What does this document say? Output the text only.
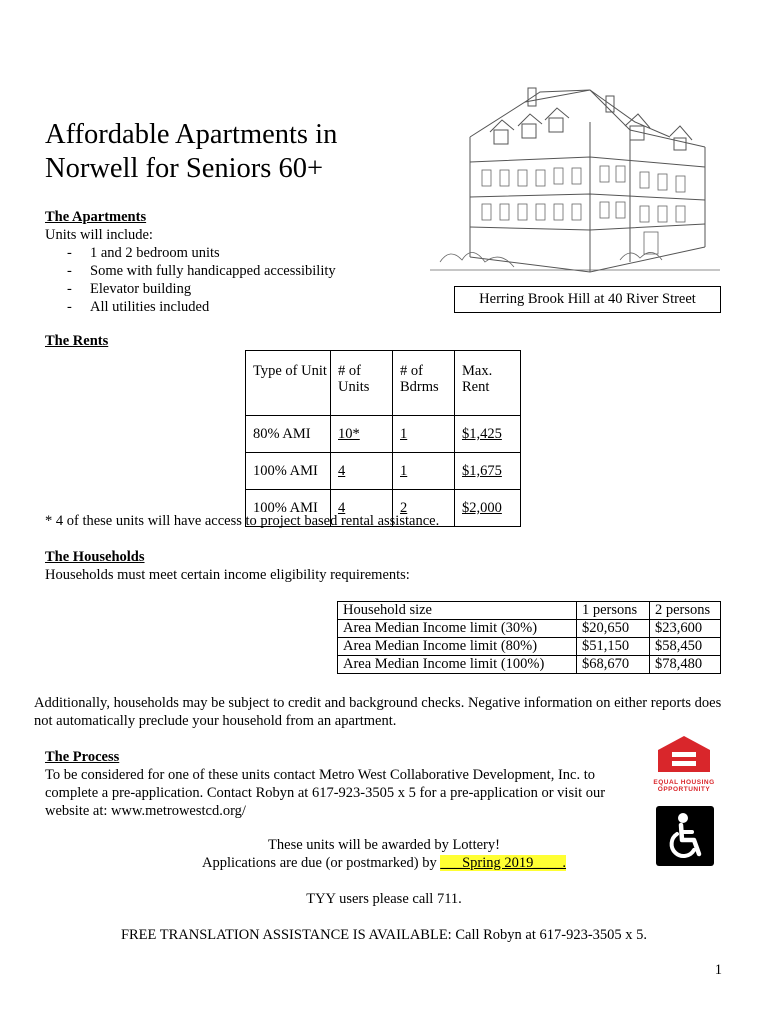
Affordable Apartments in Norwell for Seniors 60+
Herring Brook Hill at 40 River Street
The Apartments
Units will include:
- 1 and 2 bedroom units
- Some with fully handicapped accessibility
- Elevator building
- All utilities included
The Rents
Type of Unit	# of Units	# of Bdrms	Max. Rent
80% AMI	10*	1	$1,425
100% AMI	4	1	$1,675
100% AMI	4	2	$2,000
* 4 of these units will have access to project based rental assistance.
The Households
Households must meet certain income eligibility requirements:
Household size	1 persons	2 persons
Area Median Income limit (30%)	$20,650	$23,600
Area Median Income limit (80%)	$51,150	$58,450
Area Median Income limit (100%)	$68,670	$78,480
Additionally, households may be subject to credit and background checks. Negative information on either reports does not automatically preclude your household from an apartment.
The Process
To be considered for one of these units contact Metro West Collaborative Development, Inc. to complete a pre-application. Contact Robyn at 617-923-3505 x 5 for a pre-application or visit our website at: www.metrowestcd.org/
EQUAL HOUSING OPPORTUNITY
These units will be awarded by Lottery!
Applications are due (or postmarked) by ___Spring 2019____.
TYY users please call 711.
FREE TRANSLATION ASSISTANCE IS AVAILABLE: Call Robyn at 617-923-3505 x 5.
1
